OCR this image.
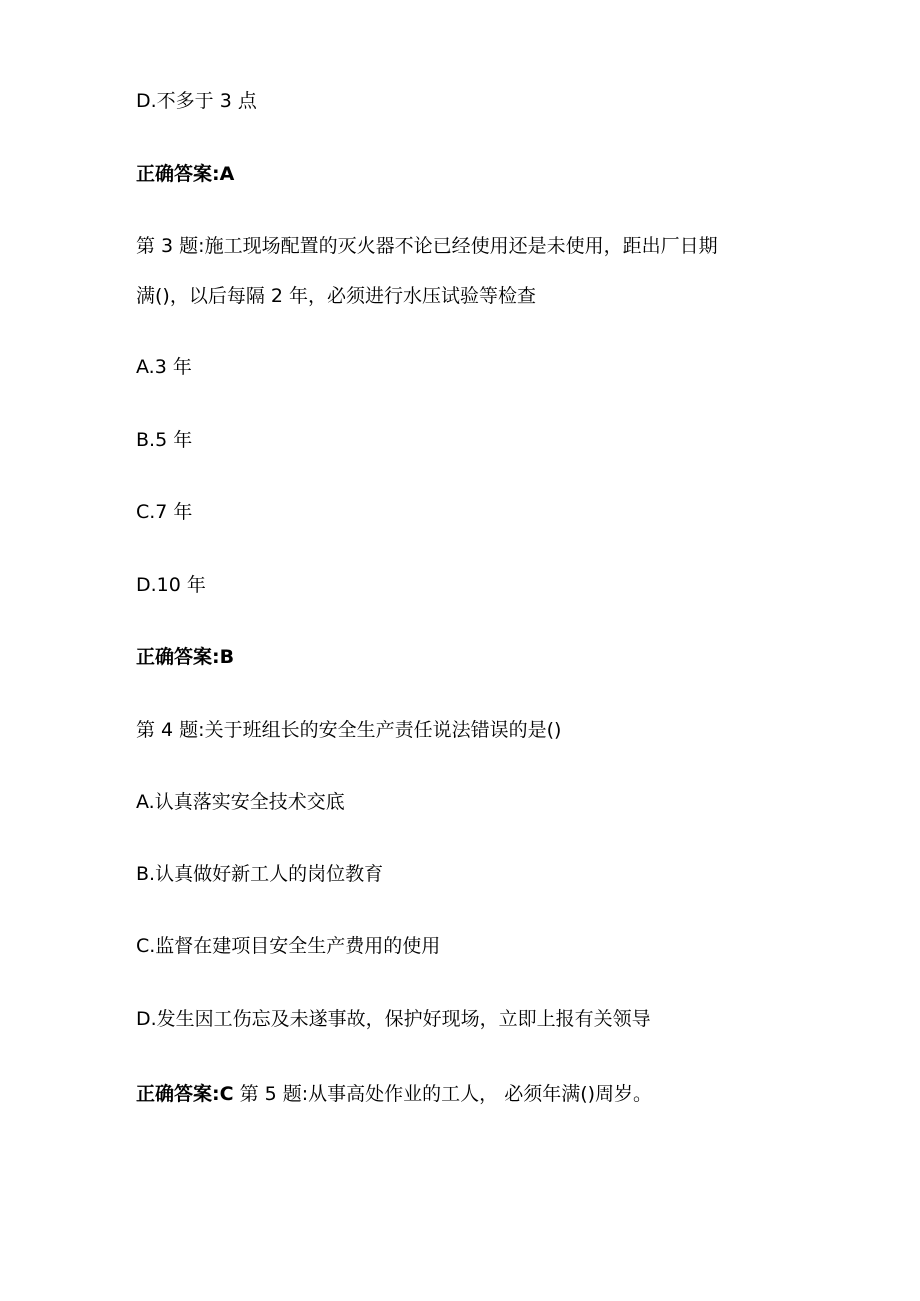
D.不多于 3 点
正确答案:A
第 3 题:施工现场配置的灭火器不论已经使用还是未使用，距出厂日期
满()，以后每隔 2 年，必须进行水压试验等检查
A.3 年
B.5 年
C.7 年
D.10 年
正确答案:B
第 4 题:关于班组长的安全生产责任说法错误的是()
A.认真落实安全技术交底
B.认真做好新工人的岗位教育
C.监督在建项目安全生产费用的使用
D.发生因工伤忘及未遂事故，保护好现场，立即上报有关领导
正确答案:C 第 5 题:从事高处作业的工人， 必须年满()周岁。
